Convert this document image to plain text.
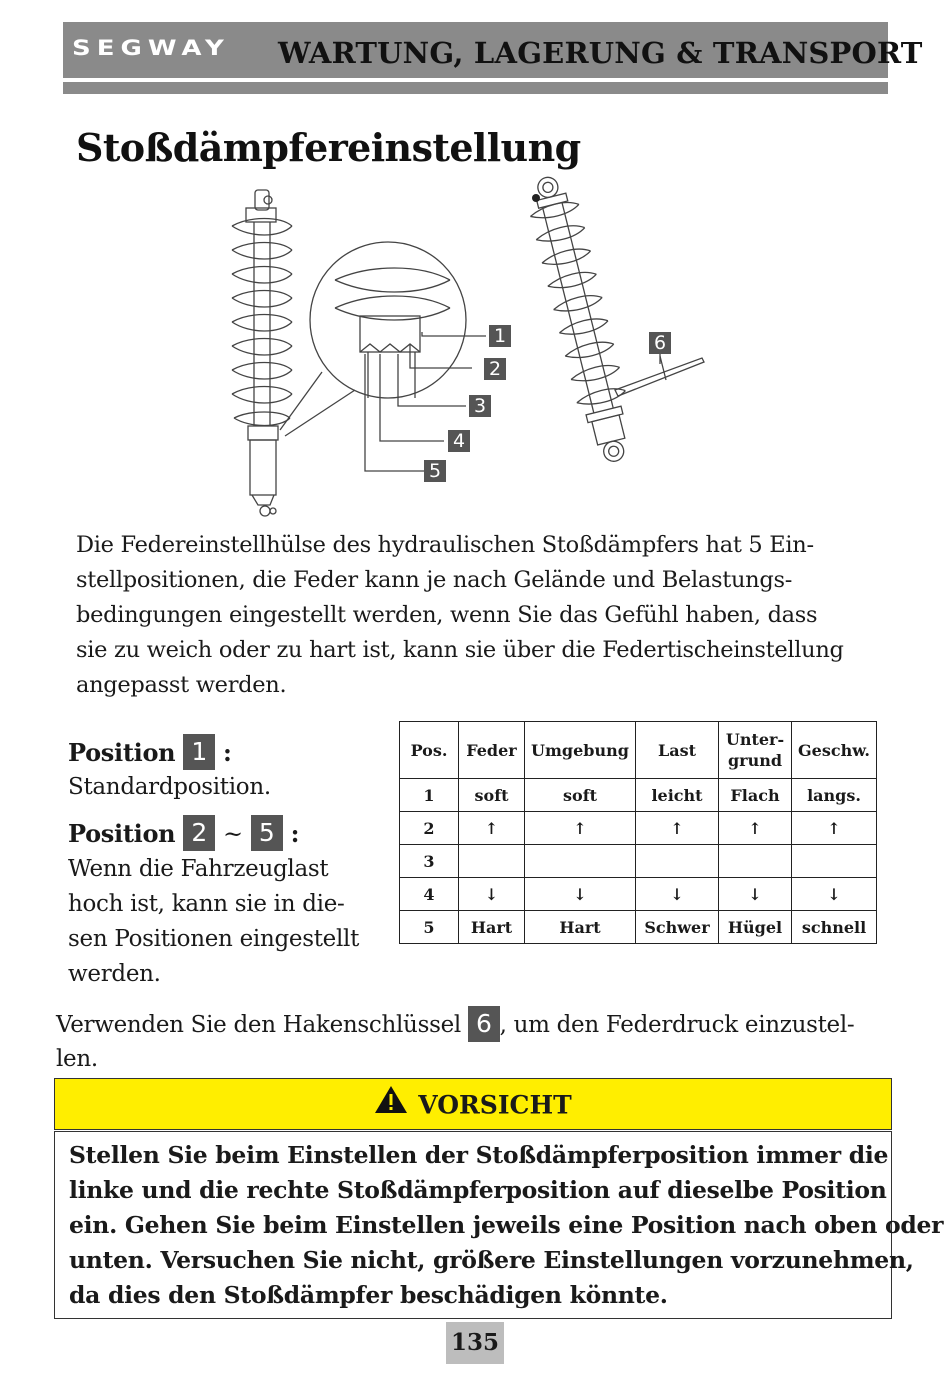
SEGWAY WARTUNG, LAGERUNG & TRANSPORT
Stoßdämpfereinstellung
1
2
3
4
5
6
Die Federeinstellhülse des hydraulischen Stoßdämpfers hat 5 Ein-
stellpositionen, die Feder kann je nach Gelände und Belastungs-
bedingungen eingestellt werden, wenn Sie das Gefühl haben, dass
sie zu weich oder zu hart ist, kann sie über die Federtischeinstellung
angepasst werden.
Position 1 :
Standardposition.
Position 2 ~ 5 :
Wenn die Fahrzeuglast
hoch ist, kann sie in die-
sen Positionen eingestellt
werden.
Pos.	Feder	Umgebung	Last	Unter-
grund	Geschw.
1	soft	soft	leicht	Flach	langs.
2	↑	↑	↑	↑	↑
3					
4	↓	↓	↓	↓	↓
5	Hart	Hart	Schwer	Hügel	schnell
Verwenden Sie den Hakenschlüssel 6 , um den Federdruck einzustel-
len.
VORSICHT
Stellen Sie beim Einstellen der Stoßdämpferposition immer die
linke und die rechte Stoßdämpferposition auf dieselbe Position
ein. Gehen Sie beim Einstellen jeweils eine Position nach oben oder
unten. Versuchen Sie nicht, größere Einstellungen vorzunehmen,
da dies den Stoßdämpfer beschädigen könnte.
135
